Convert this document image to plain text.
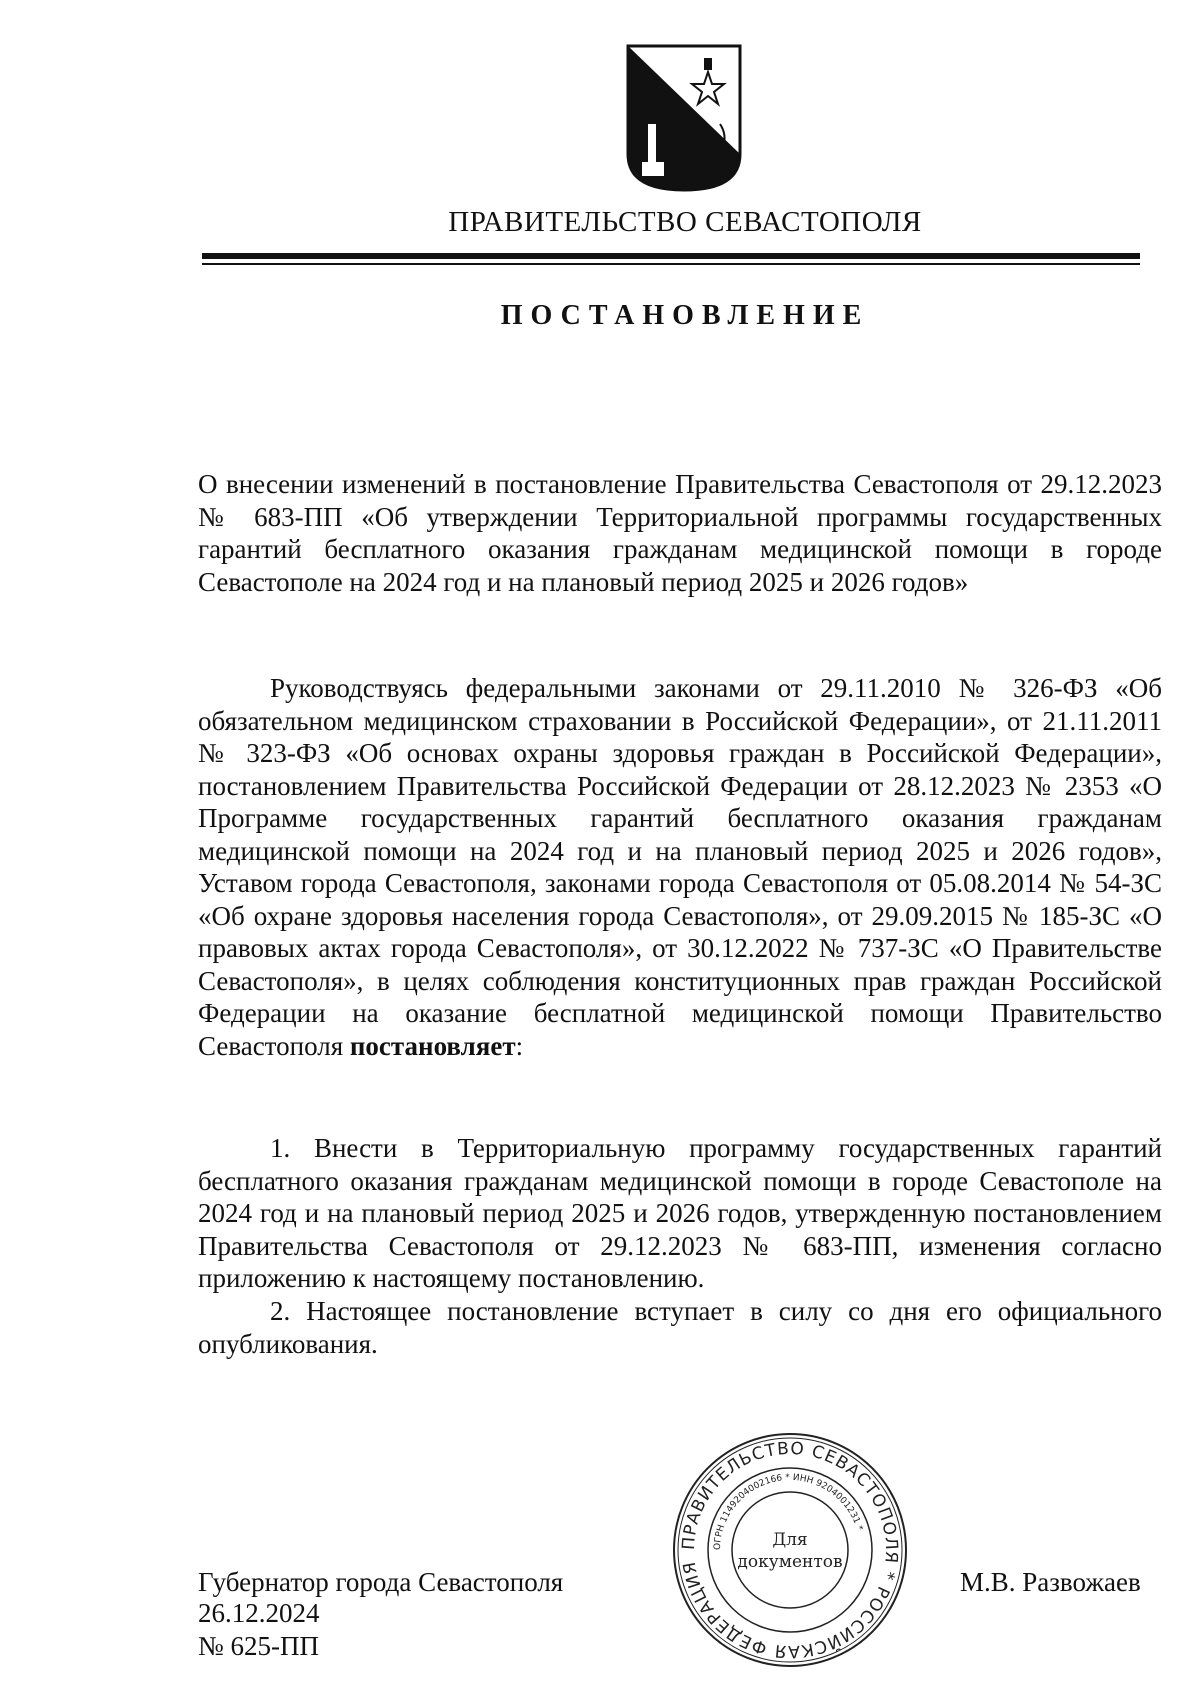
ПРАВИТЕЛЬСТВО СЕВАСТОПОЛЯ
ПОСТАНОВЛЕНИЕ

О внесении изменений в постановление Правительства Севастополя от 29.12.2023 № 683-ПП «Об утверждении Территориальной программы государственных гарантий бесплатного оказания гражданам медицинской помощи в городе Севастополе на 2024 год и на плановый период 2025 и 2026 годов»

Руководствуясь федеральными законами от 29.11.2010 № 326-ФЗ «Об обязательном медицинском страховании в Российской Федерации», от 21.11.2011 № 323-ФЗ «Об основах охраны здоровья граждан в Российской Федерации», постановлением Правительства Российской Федерации от 28.12.2023 № 2353 «О Программе государственных гарантий бесплатного оказания гражданам медицинской помощи на 2024 год и на плановый период 2025 и 2026 годов», Уставом города Севастополя, законами города Севастополя от 05.08.2014 № 54-ЗС «Об охране здоровья населения города Севастополя», от 29.09.2015 № 185-ЗС «О правовых актах города Севастополя», от 30.12.2022 № 737-ЗС «О Правительстве Севастополя», в целях соблюдения конституционных прав граждан Российской Федерации на оказание бесплатной медицинской помощи Правительство Севастополя постановляет:

1. Внести в Территориальную программу государственных гарантий бесплатного оказания гражданам медицинской помощи в городе Севастополе на 2024 год и на плановый период 2025 и 2026 годов, утвержденную постановлением Правительства Севастополя от 29.12.2023 № 683-ПП, изменения согласно приложению к настоящему постановлению.

2. Настоящее постановление вступает в силу со дня его официального опубликования.

Губернатор города Севастополя	М.В. Развожаев
ПРАВИТЕЛЬСТВО СЕВАСТОПОЛЯ * РОССИЙСКАЯ ФЕДЕРАЦИЯ
ОГРН 1149204002166 * ИНН 9204001231 *
Для
документов
26.12.2024
№ 625-ПП
